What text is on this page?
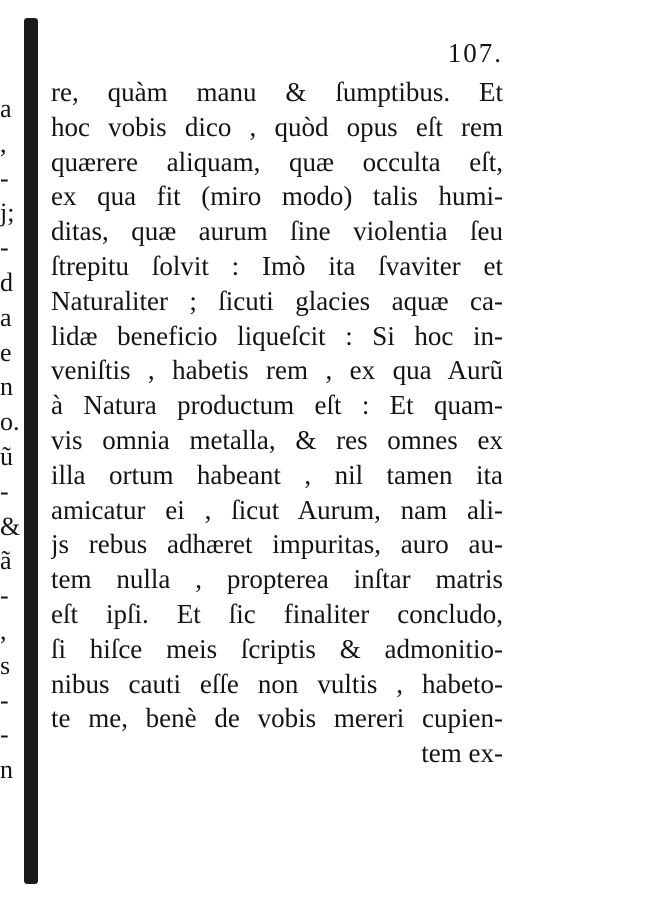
a
,
-
j;
-
d
a
e
n
o.
ũ
-
&
ã
-
,
s
-
-
n
107.
re, quàm manu & ſumptibus. Et
hoc vobis dico , quòd opus eſt rem
quærere aliquam, quæ occulta eſt,
ex qua fit (miro modo) talis humi-
ditas, quæ aurum ſine violentia ſeu
ſtrepitu ſolvit : Imò ita ſvaviter et
Naturaliter ; ſicuti glacies aquæ ca-
lidæ beneficio liqueſcit : Si hoc in-
veniſtis , habetis rem , ex qua Aurũ
à Natura productum eſt : Et quam-
vis omnia metalla, & res omnes ex
illa ortum habeant , nil tamen ita
amicatur ei , ſicut Aurum, nam ali-
js rebus adhæret impuritas, auro au-
tem nulla , propterea inſtar matris
eſt ipſi. Et ſic finaliter concludo,
ſi hiſce meis ſcriptis & admonitio-
nibus cauti eſſe non vultis , habeto-
te me, benè de vobis mereri cupien-
tem ex-
